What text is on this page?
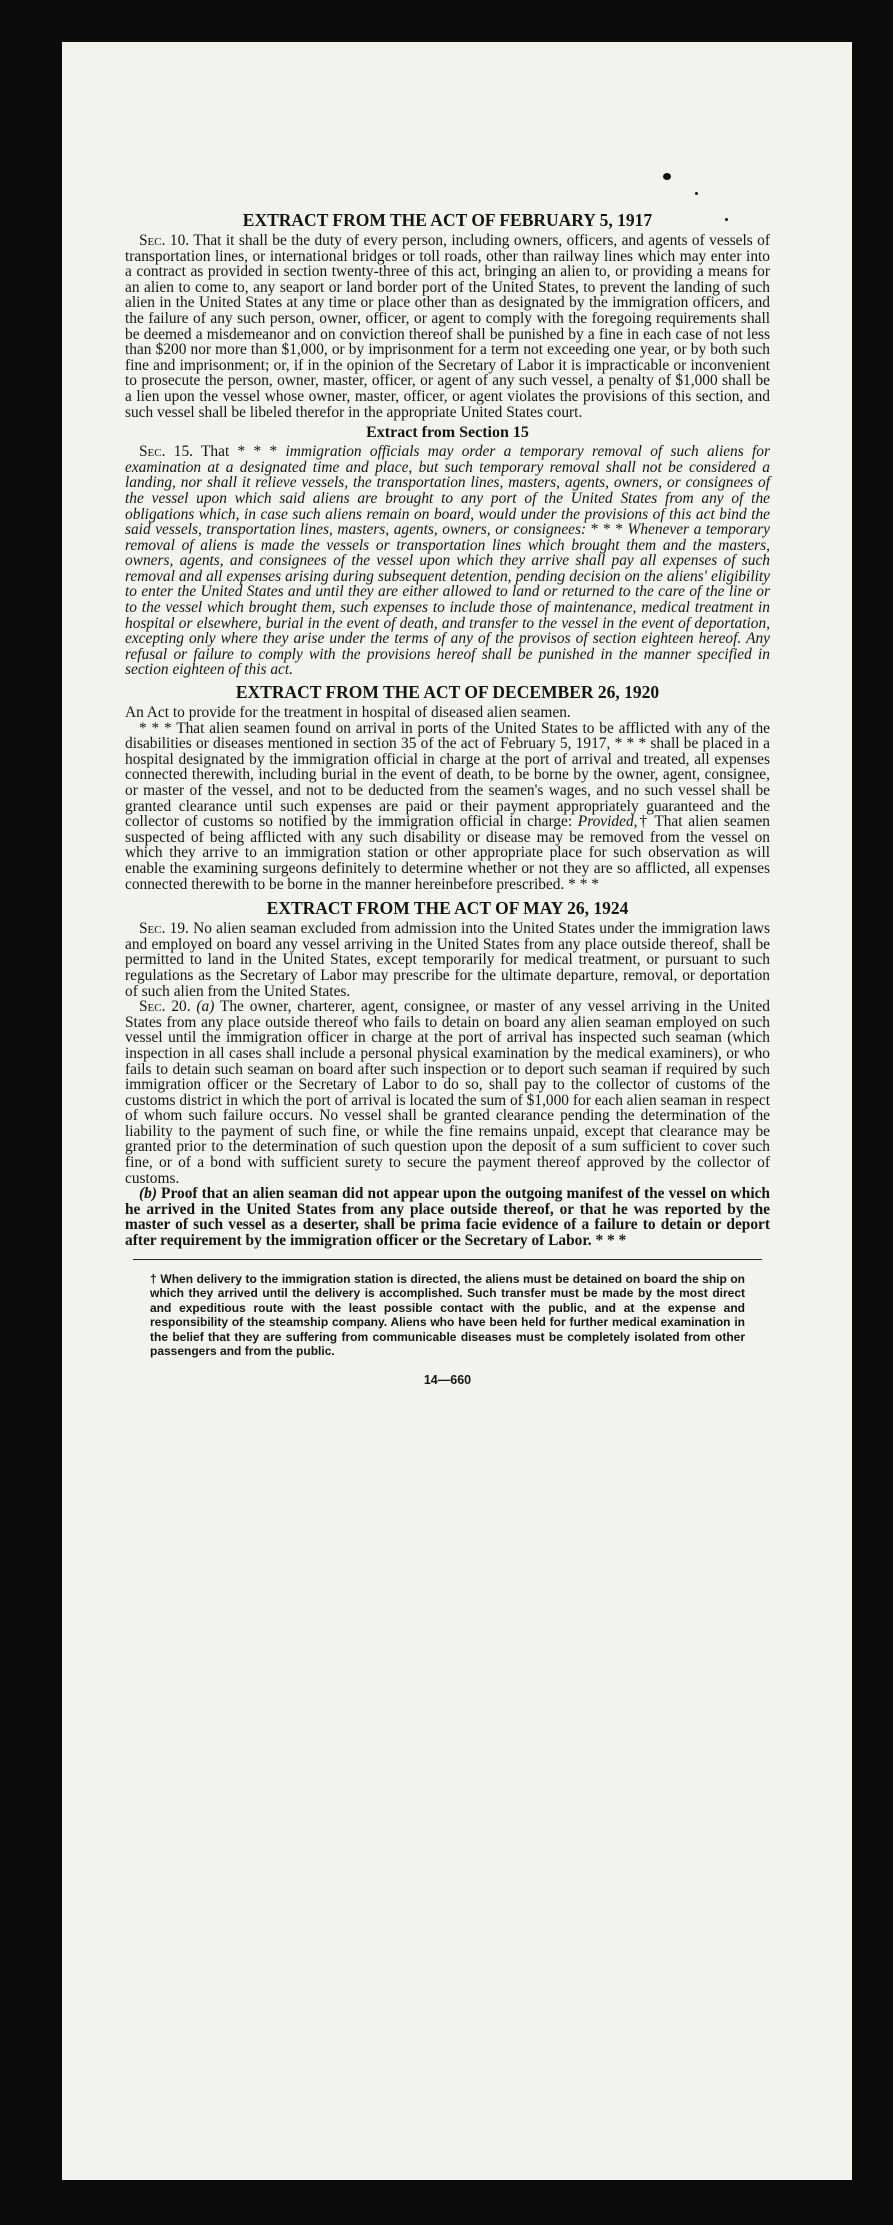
EXTRACT FROM THE ACT OF FEBRUARY 5, 1917

Sec. 10. That it shall be the duty of every person, including owners, officers, and agents of vessels of transportation lines, or international bridges or toll roads, other than railway lines which may enter into a contract as provided in section twenty-three of this act, bringing an alien to, or providing a means for an alien to come to, any seaport or land border port of the United States, to prevent the landing of such alien in the United States at any time or place other than as designated by the immigration officers, and the failure of any such person, owner, officer, or agent to comply with the foregoing requirements shall be deemed a misdemeanor and on conviction thereof shall be punished by a fine in each case of not less than $200 nor more than $1,000, or by imprisonment for a term not exceeding one year, or by both such fine and imprisonment; or, if in the opinion of the Secretary of Labor it is impracticable or inconvenient to prosecute the person, owner, master, officer, or agent of any such vessel, a penalty of $1,000 shall be a lien upon the vessel whose owner, master, officer, or agent violates the provisions of this section, and such vessel shall be libeled therefor in the appropriate United States court.

Extract from Section 15

Sec. 15. That * * * immigration officials may order a temporary removal of such aliens for examination at a designated time and place, but such temporary removal shall not be considered a landing, nor shall it relieve vessels, the transportation lines, masters, agents, owners, or consignees of the vessel upon which said aliens are brought to any port of the United States from any of the obligations which, in case such aliens remain on board, would under the provisions of this act bind the said vessels, transportation lines, masters, agents, owners, or consignees: * * * Whenever a temporary removal of aliens is made the vessels or transportation lines which brought them and the masters, owners, agents, and consignees of the vessel upon which they arrive shall pay all expenses of such removal and all expenses arising during subsequent detention, pending decision on the aliens' eligibility to enter the United States and until they are either allowed to land or returned to the care of the line or to the vessel which brought them, such expenses to include those of maintenance, medical treatment in hospital or elsewhere, burial in the event of death, and transfer to the vessel in the event of deportation, excepting only where they arise under the terms of any of the provisos of section eighteen hereof. Any refusal or failure to comply with the provisions hereof shall be punished in the manner specified in section eighteen of this act.

EXTRACT FROM THE ACT OF DECEMBER 26, 1920

An Act to provide for the treatment in hospital of diseased alien seamen.

* * * That alien seamen found on arrival in ports of the United States to be afflicted with any of the disabilities or diseases mentioned in section 35 of the act of February 5, 1917, * * * shall be placed in a hospital designated by the immigration official in charge at the port of arrival and treated, all expenses connected therewith, including burial in the event of death, to be borne by the owner, agent, consignee, or master of the vessel, and not to be deducted from the seamen's wages, and no such vessel shall be granted clearance until such expenses are paid or their payment appropriately guaranteed and the collector of customs so notified by the immigration official in charge: Provided,† That alien seamen suspected of being afflicted with any such disability or disease may be removed from the vessel on which they arrive to an immigration station or other appropriate place for such observation as will enable the examining surgeons definitely to determine whether or not they are so afflicted, all expenses connected therewith to be borne in the manner hereinbefore prescribed. * * *

EXTRACT FROM THE ACT OF MAY 26, 1924

Sec. 19. No alien seaman excluded from admission into the United States under the immigration laws and employed on board any vessel arriving in the United States from any place outside thereof, shall be permitted to land in the United States, except temporarily for medical treatment, or pursuant to such regulations as the Secretary of Labor may prescribe for the ultimate departure, removal, or deportation of such alien from the United States.

Sec. 20. (a) The owner, charterer, agent, consignee, or master of any vessel arriving in the United States from any place outside thereof who fails to detain on board any alien seaman employed on such vessel until the immigration officer in charge at the port of arrival has inspected such seaman (which inspection in all cases shall include a personal physical examination by the medical examiners), or who fails to detain such seaman on board after such inspection or to deport such seaman if required by such immigration officer or the Secretary of Labor to do so, shall pay to the collector of customs of the customs district in which the port of arrival is located the sum of $1,000 for each alien seaman in respect of whom such failure occurs. No vessel shall be granted clearance pending the determination of the liability to the payment of such fine, or while the fine remains unpaid, except that clearance may be granted prior to the determination of such question upon the deposit of a sum sufficient to cover such fine, or of a bond with sufficient surety to secure the payment thereof approved by the collector of customs.

(b) Proof that an alien seaman did not appear upon the outgoing manifest of the vessel on which he arrived in the United States from any place outside thereof, or that he was reported by the master of such vessel as a deserter, shall be prima facie evidence of a failure to detain or deport after requirement by the immigration officer or the Secretary of Labor. * * *

† When delivery to the immigration station is directed, the aliens must be detained on board the ship on which they arrived until the delivery is accomplished. Such transfer must be made by the most direct and expeditious route with the least possible contact with the public, and at the expense and responsibility of the steamship company. Aliens who have been held for further medical examination in the belief that they are suffering from communicable diseases must be completely isolated from other passengers and from the public.
14—660
